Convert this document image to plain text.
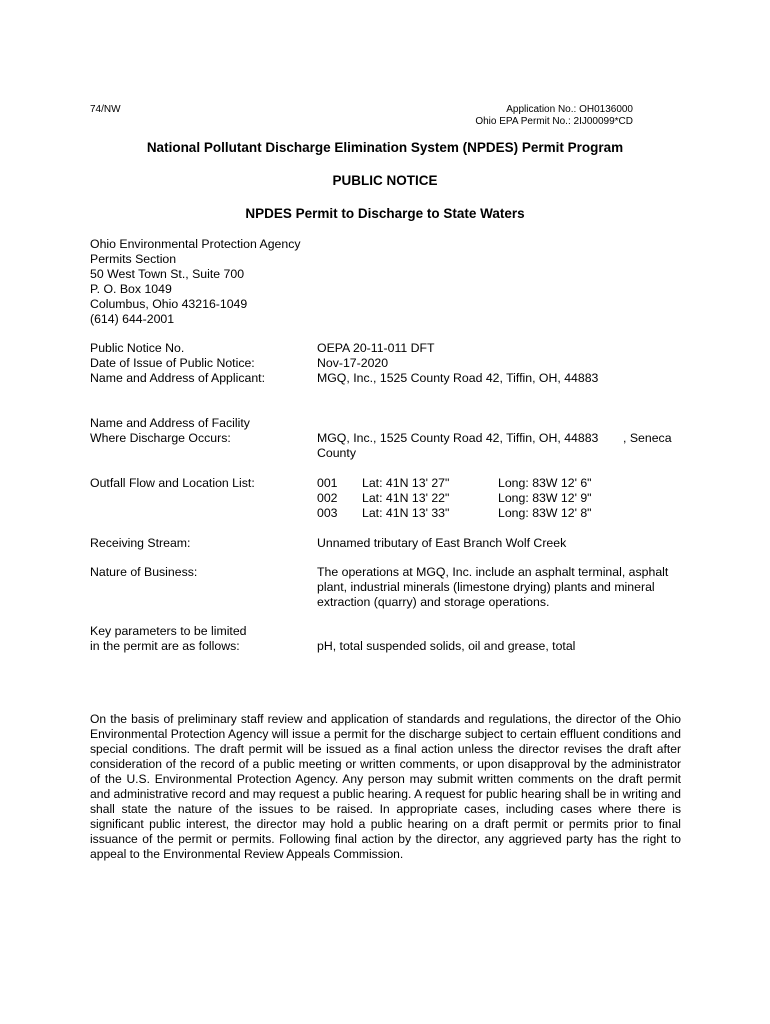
74/NW	Application No.: OH0136000
Ohio EPA Permit No.: 2IJ00099*CD
National Pollutant Discharge Elimination System (NPDES) Permit Program
PUBLIC NOTICE
NPDES Permit to Discharge to State Waters
Ohio Environmental Protection Agency
Permits Section
50 West Town St., Suite 700
P. O. Box 1049
Columbus, Ohio 43216-1049
(614) 644-2001
Public Notice No.	OEPA 20-11-011 DFT
Date of Issue of Public Notice:	Nov-17-2020
Name and Address of Applicant:	MGQ, Inc., 1525 County Road 42, Tiffin, OH, 44883
Name and Address of Facility
Where Discharge Occurs:	MGQ, Inc., 1525 County Road 42, Tiffin, OH, 44883 , Seneca
County
Outfall Flow and Location List:	001 Lat: 41N 13' 27"	Long: 83W 12' 6"
002 Lat: 41N 13' 22"	Long: 83W 12' 9"
003 Lat: 41N 13' 33"	Long: 83W 12' 8"
Receiving Stream:	Unnamed tributary of East Branch Wolf Creek
Nature of Business:	The operations at MGQ, Inc. include an asphalt terminal, asphalt
plant, industrial minerals (limestone drying) plants and mineral
extraction (quarry) and storage operations.
Key parameters to be limited
in the permit are as follows:	pH, total suspended solids, oil and grease, total
On the basis of preliminary staff review and application of standards and regulations, the director of the Ohio Environmental Protection Agency will issue a permit for the discharge subject to certain effluent conditions and special conditions. The draft permit will be issued as a final action unless the director revises the draft after consideration of the record of a public meeting or written comments, or upon disapproval by the administrator of the U.S. Environmental Protection Agency. Any person may submit written comments on the draft permit and administrative record and may request a public hearing. A request for public hearing shall be in writing and shall state the nature of the issues to be raised. In appropriate cases, including cases where there is significant public interest, the director may hold a public hearing on a draft permit or permits prior to final issuance of the permit or permits. Following final action by the director, any aggrieved party has the right to appeal to the Environmental Review Appeals Commission.
